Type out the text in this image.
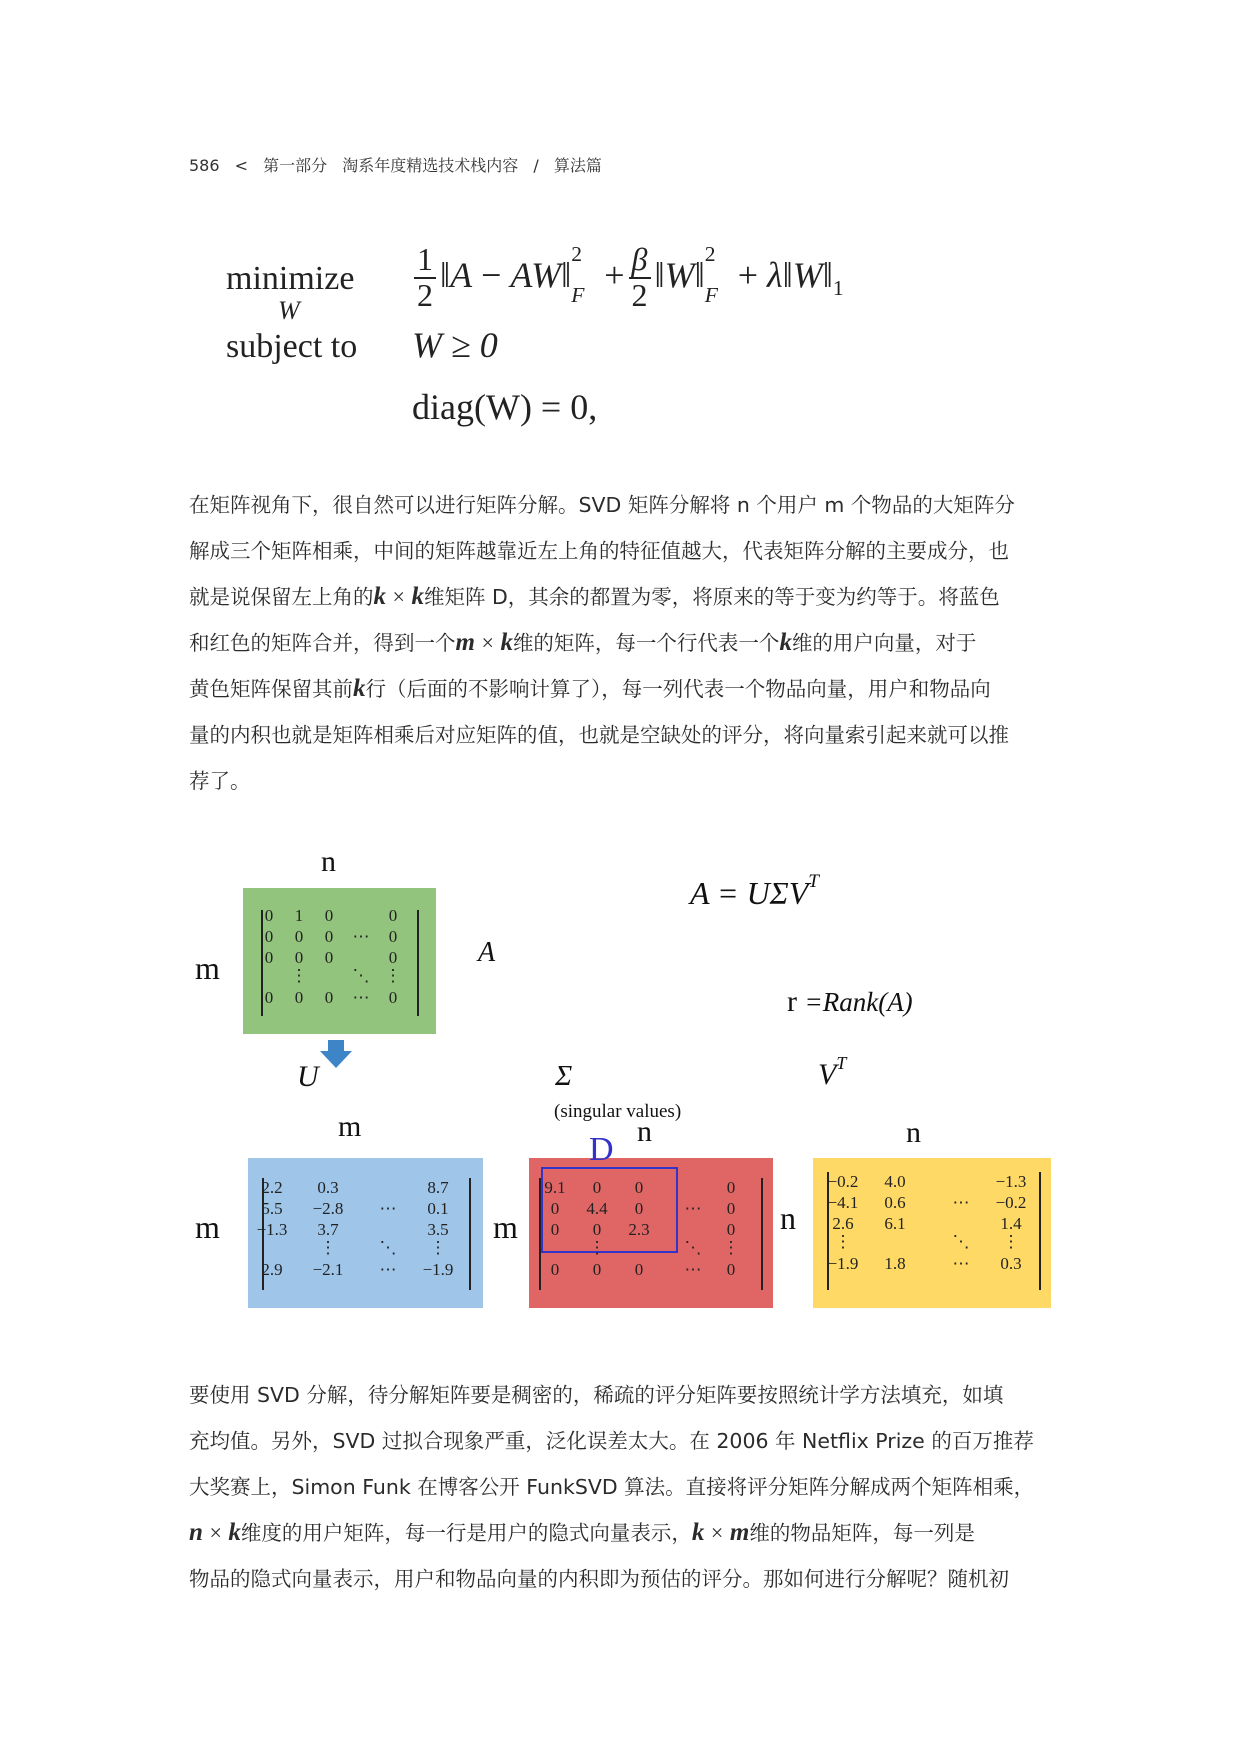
586 < 第一部分 淘系年度精选技术栈内容 / 算法篇
minimize
W
subject to
$\frac{1}{2}$ ‖A − AW‖$^2_F$ + $\frac{\beta}{2}$ ‖W‖$^2_F$ + $\lambda‖W‖_1$
W ≥ 0
diag(W) = 0,
在矩阵视角下，很自然可以进行矩阵分解。SVD 矩阵分解将 n 个用户 m 个物品的大矩阵分
解成三个矩阵相乘，中间的矩阵越靠近左上角的特征值越大，代表矩阵分解的主要成分，也
就是说保留左上角的k × k维矩阵 D，其余的都置为零，将原来的等于变为约等于。将蓝色
和红色的矩阵合并，得到一个m × k维的矩阵，每一个行代表一个k维的用户向量，对于
黄色矩阵保留其前k行（后面的不影响计算了），每一列代表一个物品向量，用户和物品向
量的内积也就是矩阵相乘后对应矩阵的值，也就是空缺处的评分，将向量索引起来就可以推
荐了。
n
m	A
0	1	0	0
0	0	0	⋯	0
0	0	0	0
⋮	⋱ ⋮
0	0	0	⋯	0
$A = U\Sigma V^T$
r =Rank(A)
U	Σ
(singular values)
$V^T$
m
m
2.2	0.3	8.7
5.5	−2.8	⋯	0.1
−1.3	3.7	3.5
⋮	⋱	⋮
2.9	−2.1	⋯	−1.9
n
m
9.1	0	0	0
0	4.4	0	⋯	0
0	0	2.3	0
⋮	⋱	⋮
0	0	0	⋯	0
D	n
n
−0.2	4.0	−1.3
−4.1	0.6	⋯	−0.2
2.6	6.1	1.4
⋮	⋱	⋮
−1.9	1.8	⋯	0.3
要使用 SVD 分解，待分解矩阵要是稠密的，稀疏的评分矩阵要按照统计学方法填充，如填
充均值。另外，SVD 过拟合现象严重，泛化误差太大。在 2006 年 Netflix Prize 的百万推荐
大奖赛上，Simon Funk 在博客公开 FunkSVD 算法。直接将评分矩阵分解成两个矩阵相乘，
n × k维度的用户矩阵，每一行是用户的隐式向量表示，k × m维的物品矩阵，每一列是
物品的隐式向量表示，用户和物品向量的内积即为预估的评分。那如何进行分解呢？随机初
